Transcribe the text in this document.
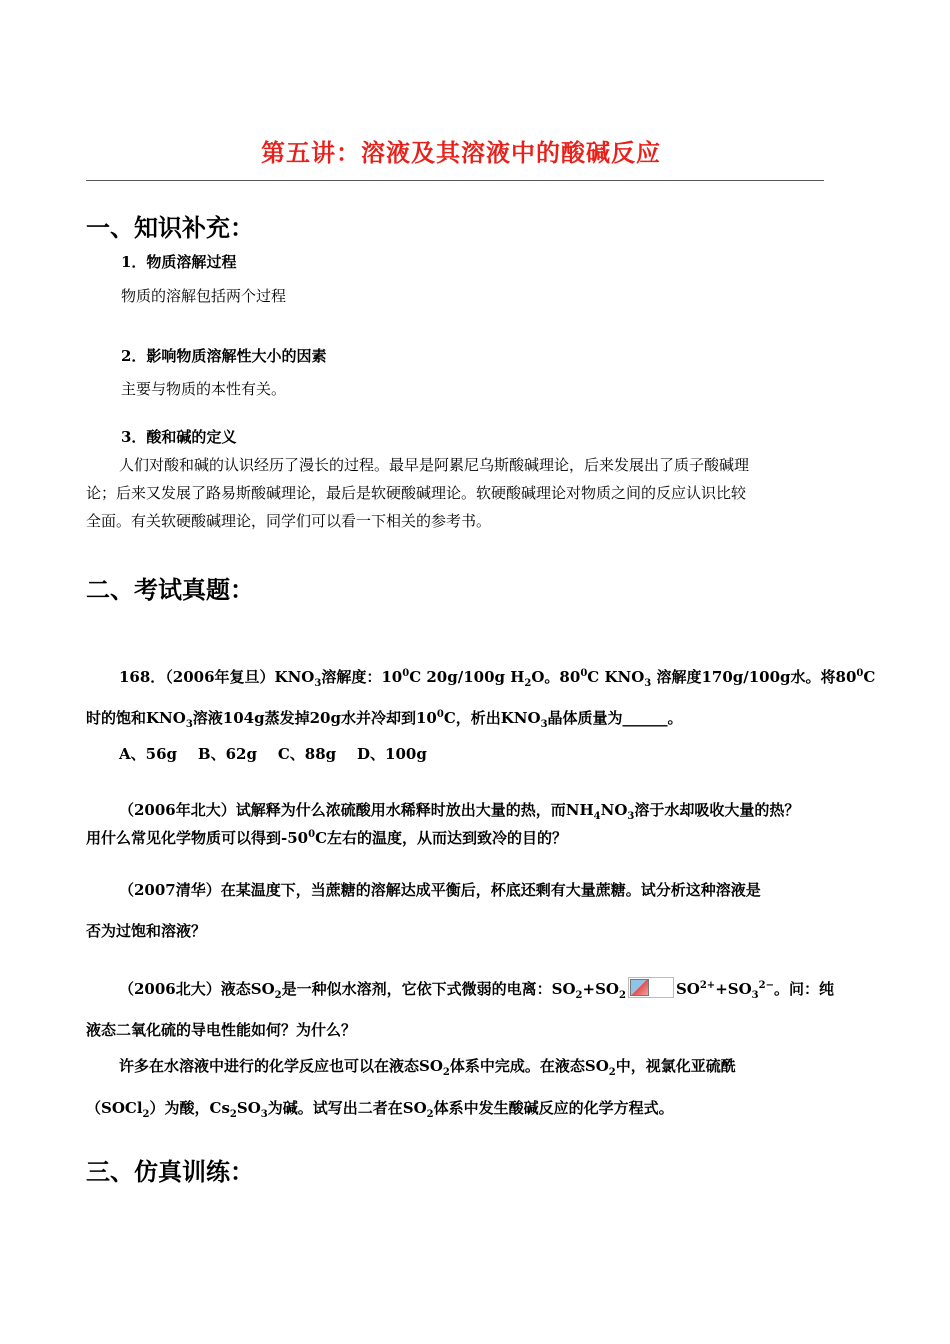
第五讲：溶液及其溶液中的酸碱反应
一、知识补充：
1．物质溶解过程
物质的溶解包括两个过程
2．影响物质溶解性大小的因素
主要与物质的本性有关。
3．酸和碱的定义
人们对酸和碱的认识经历了漫长的过程。最早是阿累尼乌斯酸碱理论，后来发展出了质子酸碱理
论；后来又发展了路易斯酸碱理论，最后是软硬酸碱理论。软硬酸碱理论对物质之间的反应认识比较
全面。有关软硬酸碱理论，同学们可以看一下相关的参考书。
二、考试真题：
168．（2006年复旦）$KNO_3$溶解度：$10^0C$ 20g/100g $H_2O$。$80^0C$ $KNO_3$ 溶解度170g/100g水。将$80^0C$
时的饱和$KNO_3$溶液104g蒸发掉20g水并冷却到$10^0C$，析出$KNO_3$晶体质量为______。
A、56g    B、62g    C、88g    D、100g
（2006年北大）试解释为什么浓硫酸用水稀释时放出大量的热，而$NH_4NO_3$溶于水却吸收大量的热？
用什么常见化学物质可以得到$-50^0C$左右的温度，从而达到致冷的目的？
（2007清华）在某温度下，当蔗糖的溶解达成平衡后，杯底还剩有大量蔗糖。试分析这种溶液是
否为过饱和溶液？
（2006北大）液态$SO_2$是一种似水溶剂，它依下式微弱的电离：$SO_2+SO_2$	$SO^{2+}+SO_3^{2-}$。问：纯
液态二氧化硫的导电性能如何？为什么？
许多在水溶液中进行的化学反应也可以在液态$SO_2$体系中完成。在液态$SO_2$中，视氯化亚硫酰
（SOCl$_2$）为酸，$Cs_2SO_3$为碱。试写出二者在$SO_2$体系中发生酸碱反应的化学方程式。
三、仿真训练：
